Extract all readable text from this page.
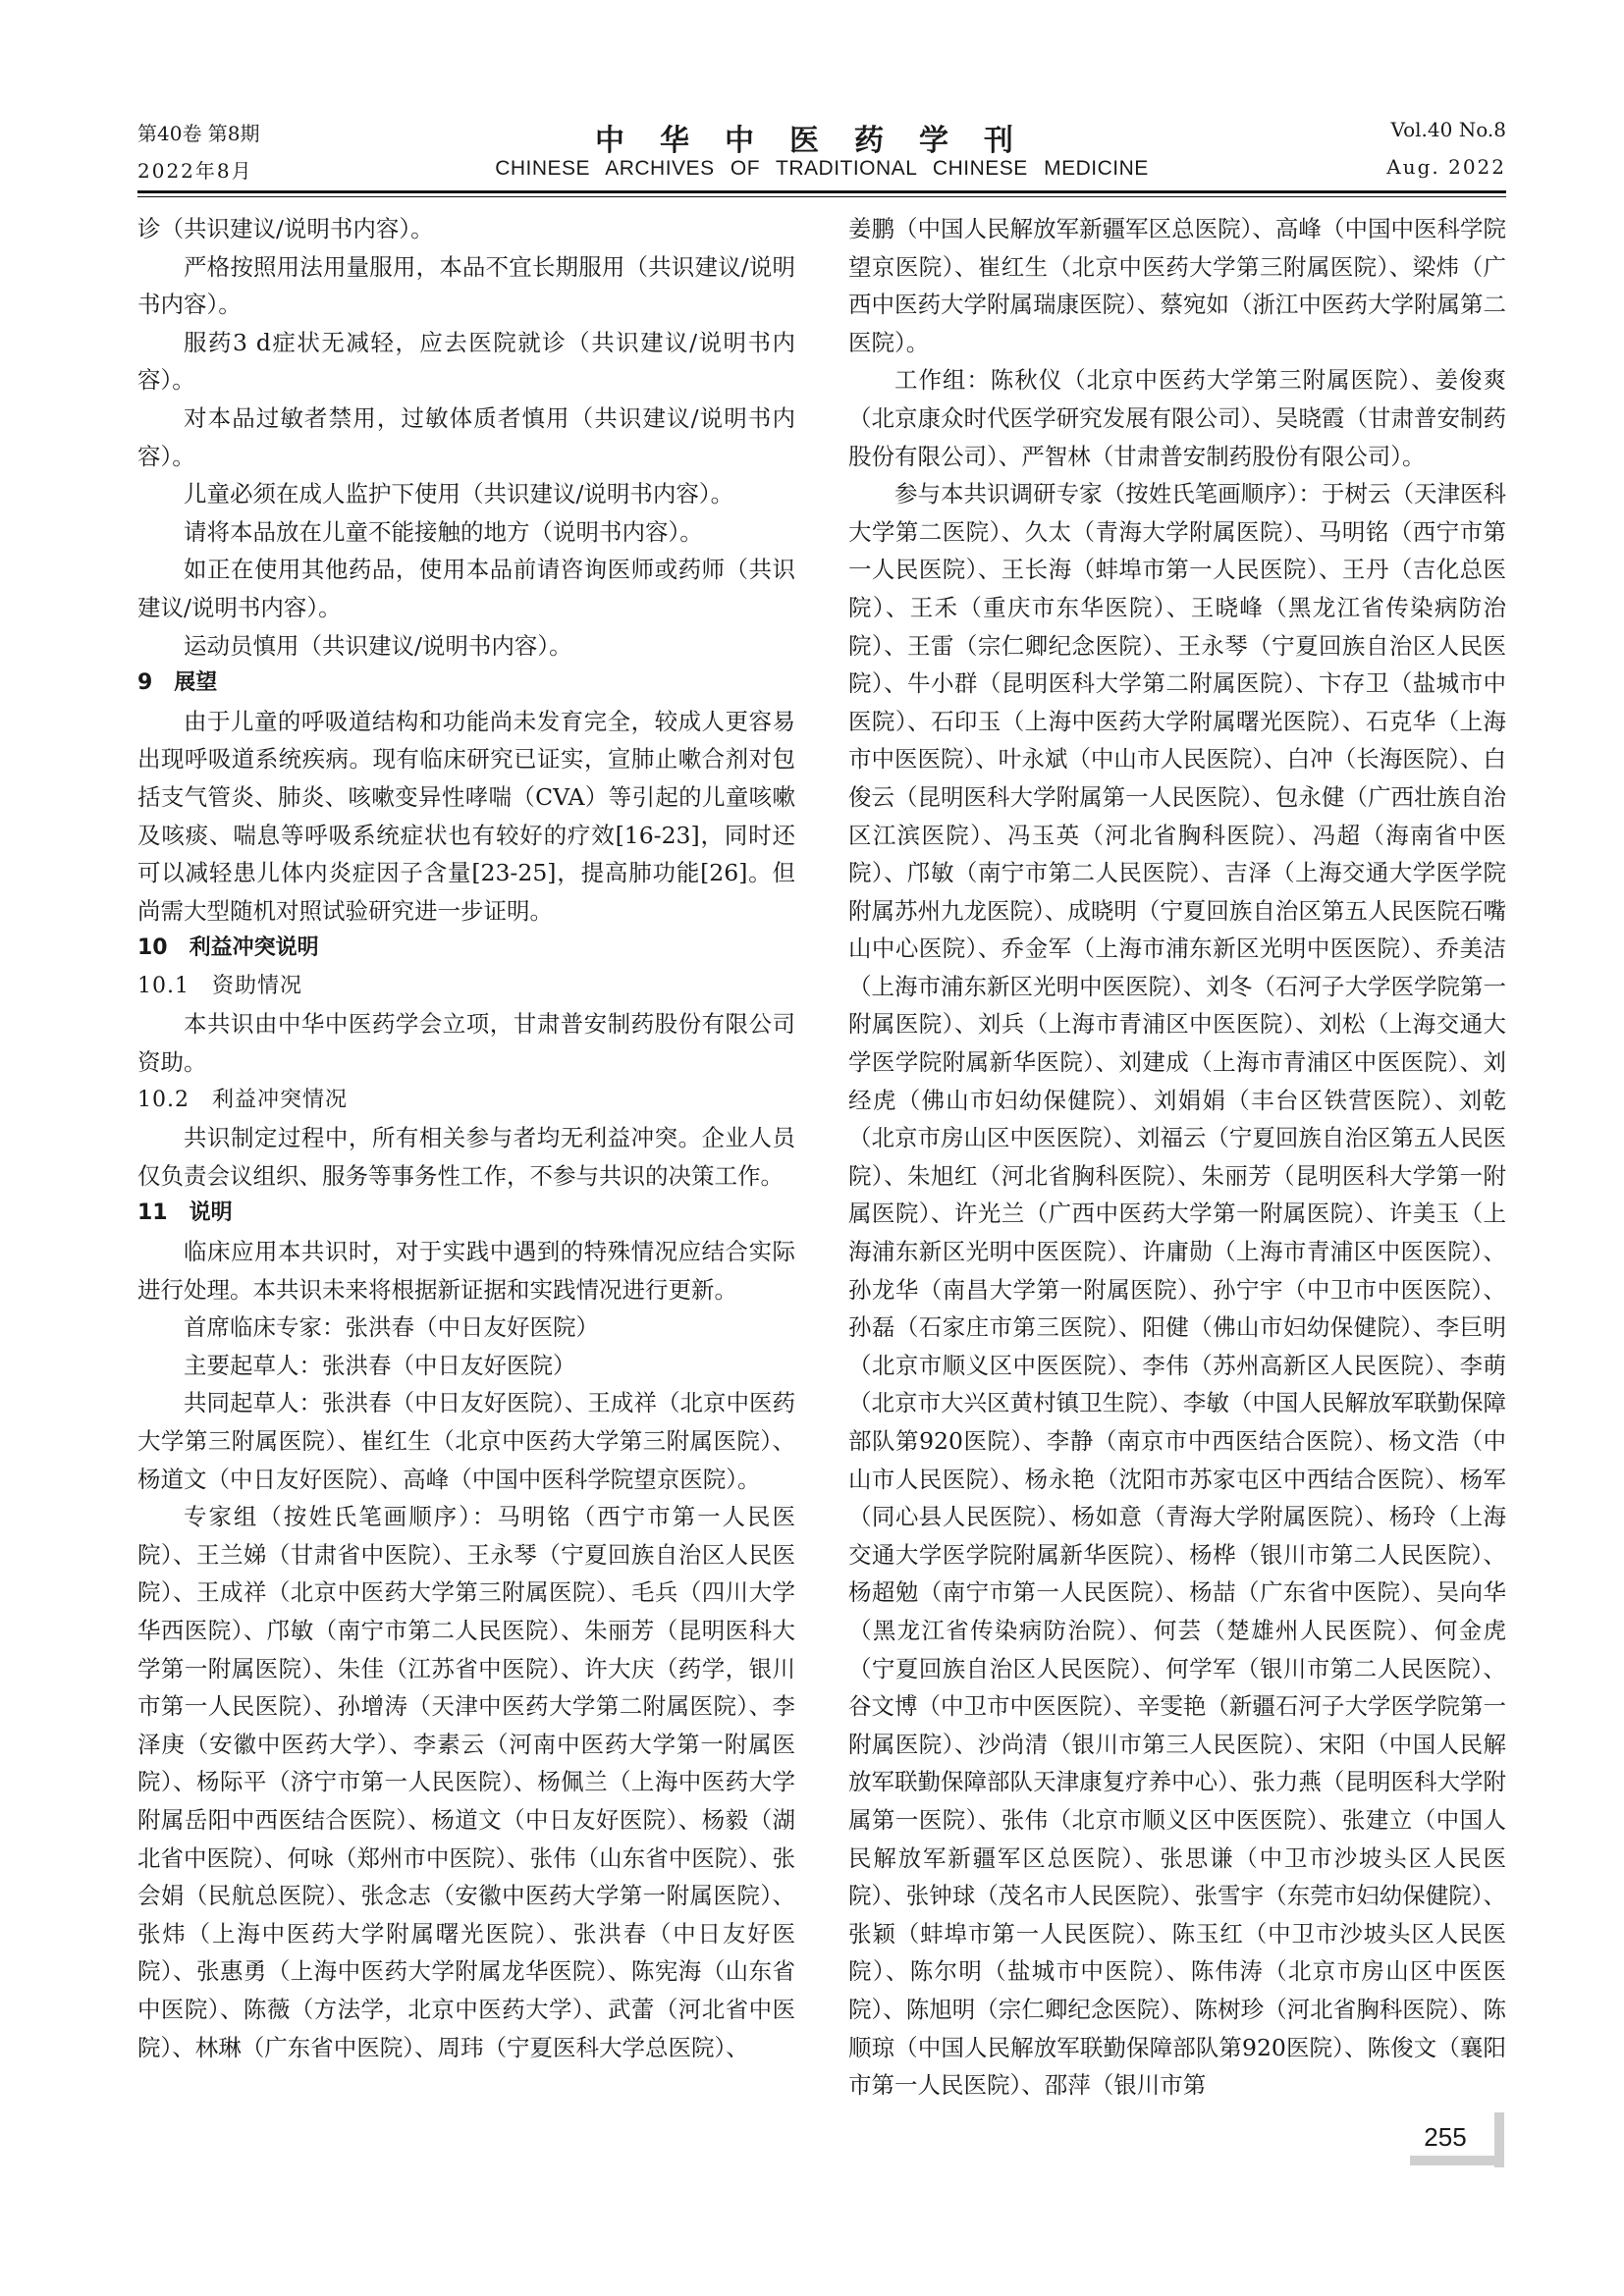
第40卷 第8期
2022年8月
中华中医药学刊
CHINESE ARCHIVES OF TRADITIONAL CHINESE MEDICINE
Vol.40 No.8
Aug. 2022

诊（共识建议/说明书内容）。

严格按照用法用量服用，本品不宜长期服用（共识建议/说明书内容）。

服药3 d症状无减轻，应去医院就诊（共识建议/说明书内容）。

对本品过敏者禁用，过敏体质者慎用（共识建议/说明书内容）。

儿童必须在成人监护下使用（共识建议/说明书内容）。

请将本品放在儿童不能接触的地方（说明书内容）。

如正在使用其他药品，使用本品前请咨询医师或药师（共识建议/说明书内容）。

运动员慎用（共识建议/说明书内容）。

9　展望

由于儿童的呼吸道结构和功能尚未发育完全，较成人更容易出现呼吸道系统疾病。现有临床研究已证实，宣肺止嗽合剂对包括支气管炎、肺炎、咳嗽变异性哮喘（CVA）等引起的儿童咳嗽及咳痰、喘息等呼吸系统症状也有较好的疗效[16-23]，同时还可以减轻患儿体内炎症因子含量[23-25]，提高肺功能[26]。但尚需大型随机对照试验研究进一步证明。

10　利益冲突说明
10.1　资助情况

本共识由中华中医药学会立项，甘肃普安制药股份有限公司资助。

10.2　利益冲突情况

共识制定过程中，所有相关参与者均无利益冲突。企业人员仅负责会议组织、服务等事务性工作，不参与共识的决策工作。

11　说明

临床应用本共识时，对于实践中遇到的特殊情况应结合实际进行处理。本共识未来将根据新证据和实践情况进行更新。

首席临床专家：张洪春（中日友好医院）

主要起草人：张洪春（中日友好医院）

共同起草人：张洪春（中日友好医院）、王成祥（北京中医药大学第三附属医院）、崔红生（北京中医药大学第三附属医院）、杨道文（中日友好医院）、高峰（中国中医科学院望京医院）。

专家组（按姓氏笔画顺序）：马明铭（西宁市第一人民医院）、王兰娣（甘肃省中医院）、王永琴（宁夏回族自治区人民医院）、王成祥（北京中医药大学第三附属医院）、毛兵（四川大学华西医院）、邝敏（南宁市第二人民医院）、朱丽芳（昆明医科大学第一附属医院）、朱佳（江苏省中医院）、许大庆（药学，银川市第一人民医院）、孙增涛（天津中医药大学第二附属医院）、李泽庚（安徽中医药大学）、李素云（河南中医药大学第一附属医院）、杨际平（济宁市第一人民医院）、杨佩兰（上海中医药大学附属岳阳中西医结合医院）、杨道文（中日友好医院）、杨毅（湖北省中医院）、何咏（郑州市中医院）、张伟（山东省中医院）、张会娟（民航总医院）、张念志（安徽中医药大学第一附属医院）、张炜（上海中医药大学附属曙光医院）、张洪春（中日友好医院）、张惠勇（上海中医药大学附属龙华医院）、陈宪海（山东省中医院）、陈薇（方法学，北京中医药大学）、武蕾（河北省中医院）、林琳（广东省中医院）、周玮（宁夏医科大学总医院）、

姜鹏（中国人民解放军新疆军区总医院）、高峰（中国中医科学院望京医院）、崔红生（北京中医药大学第三附属医院）、梁炜（广西中医药大学附属瑞康医院）、蔡宛如（浙江中医药大学附属第二医院）。

工作组：陈秋仪（北京中医药大学第三附属医院）、姜俊爽（北京康众时代医学研究发展有限公司）、吴晓霞（甘肃普安制药股份有限公司）、严智林（甘肃普安制药股份有限公司）。

参与本共识调研专家（按姓氏笔画顺序）：于树云（天津医科大学第二医院）、久太（青海大学附属医院）、马明铭（西宁市第一人民医院）、王长海（蚌埠市第一人民医院）、王丹（吉化总医院）、王禾（重庆市东华医院）、王晓峰（黑龙江省传染病防治院）、王雷（宗仁卿纪念医院）、王永琴（宁夏回族自治区人民医院）、牛小群（昆明医科大学第二附属医院）、卞存卫（盐城市中医院）、石印玉（上海中医药大学附属曙光医院）、石克华（上海市中医医院）、叶永斌（中山市人民医院）、白冲（长海医院）、白俊云（昆明医科大学附属第一人民医院）、包永健（广西壮族自治区江滨医院）、冯玉英（河北省胸科医院）、冯超（海南省中医院）、邝敏（南宁市第二人民医院）、吉泽（上海交通大学医学院附属苏州九龙医院）、成晓明（宁夏回族自治区第五人民医院石嘴山中心医院）、乔金军（上海市浦东新区光明中医医院）、乔美洁（上海市浦东新区光明中医医院）、刘冬（石河子大学医学院第一附属医院）、刘兵（上海市青浦区中医医院）、刘松（上海交通大学医学院附属新华医院）、刘建成（上海市青浦区中医医院）、刘经虎（佛山市妇幼保健院）、刘娟娟（丰台区铁营医院）、刘乾（北京市房山区中医医院）、刘福云（宁夏回族自治区第五人民医院）、朱旭红（河北省胸科医院）、朱丽芳（昆明医科大学第一附属医院）、许光兰（广西中医药大学第一附属医院）、许美玉（上海浦东新区光明中医医院）、许庸勋（上海市青浦区中医医院）、孙龙华（南昌大学第一附属医院）、孙宁宇（中卫市中医医院）、孙磊（石家庄市第三医院）、阳健（佛山市妇幼保健院）、李巨明（北京市顺义区中医医院）、李伟（苏州高新区人民医院）、李萌（北京市大兴区黄村镇卫生院）、李敏（中国人民解放军联勤保障部队第920医院）、李静（南京市中西医结合医院）、杨文浩（中山市人民医院）、杨永艳（沈阳市苏家屯区中西结合医院）、杨军（同心县人民医院）、杨如意（青海大学附属医院）、杨玲（上海交通大学医学院附属新华医院）、杨桦（银川市第二人民医院）、杨超勉（南宁市第一人民医院）、杨喆（广东省中医院）、吴向华（黑龙江省传染病防治院）、何芸（楚雄州人民医院）、何金虎（宁夏回族自治区人民医院）、何学军（银川市第二人民医院）、谷文博（中卫市中医医院）、辛雯艳（新疆石河子大学医学院第一附属医院）、沙尚清（银川市第三人民医院）、宋阳（中国人民解放军联勤保障部队天津康复疗养中心）、张力燕（昆明医科大学附属第一医院）、张伟（北京市顺义区中医医院）、张建立（中国人民解放军新疆军区总医院）、张思谦（中卫市沙坡头区人民医院）、张钟球（茂名市人民医院）、张雪宇（东莞市妇幼保健院）、张颖（蚌埠市第一人民医院）、陈玉红（中卫市沙坡头区人民医院）、陈尔明（盐城市中医院）、陈伟涛（北京市房山区中医医院）、陈旭明（宗仁卿纪念医院）、陈树珍（河北省胸科医院）、陈顺琼（中国人民解放军联勤保障部队第920医院）、陈俊文（襄阳市第一人民医院）、邵萍（银川市第

255
